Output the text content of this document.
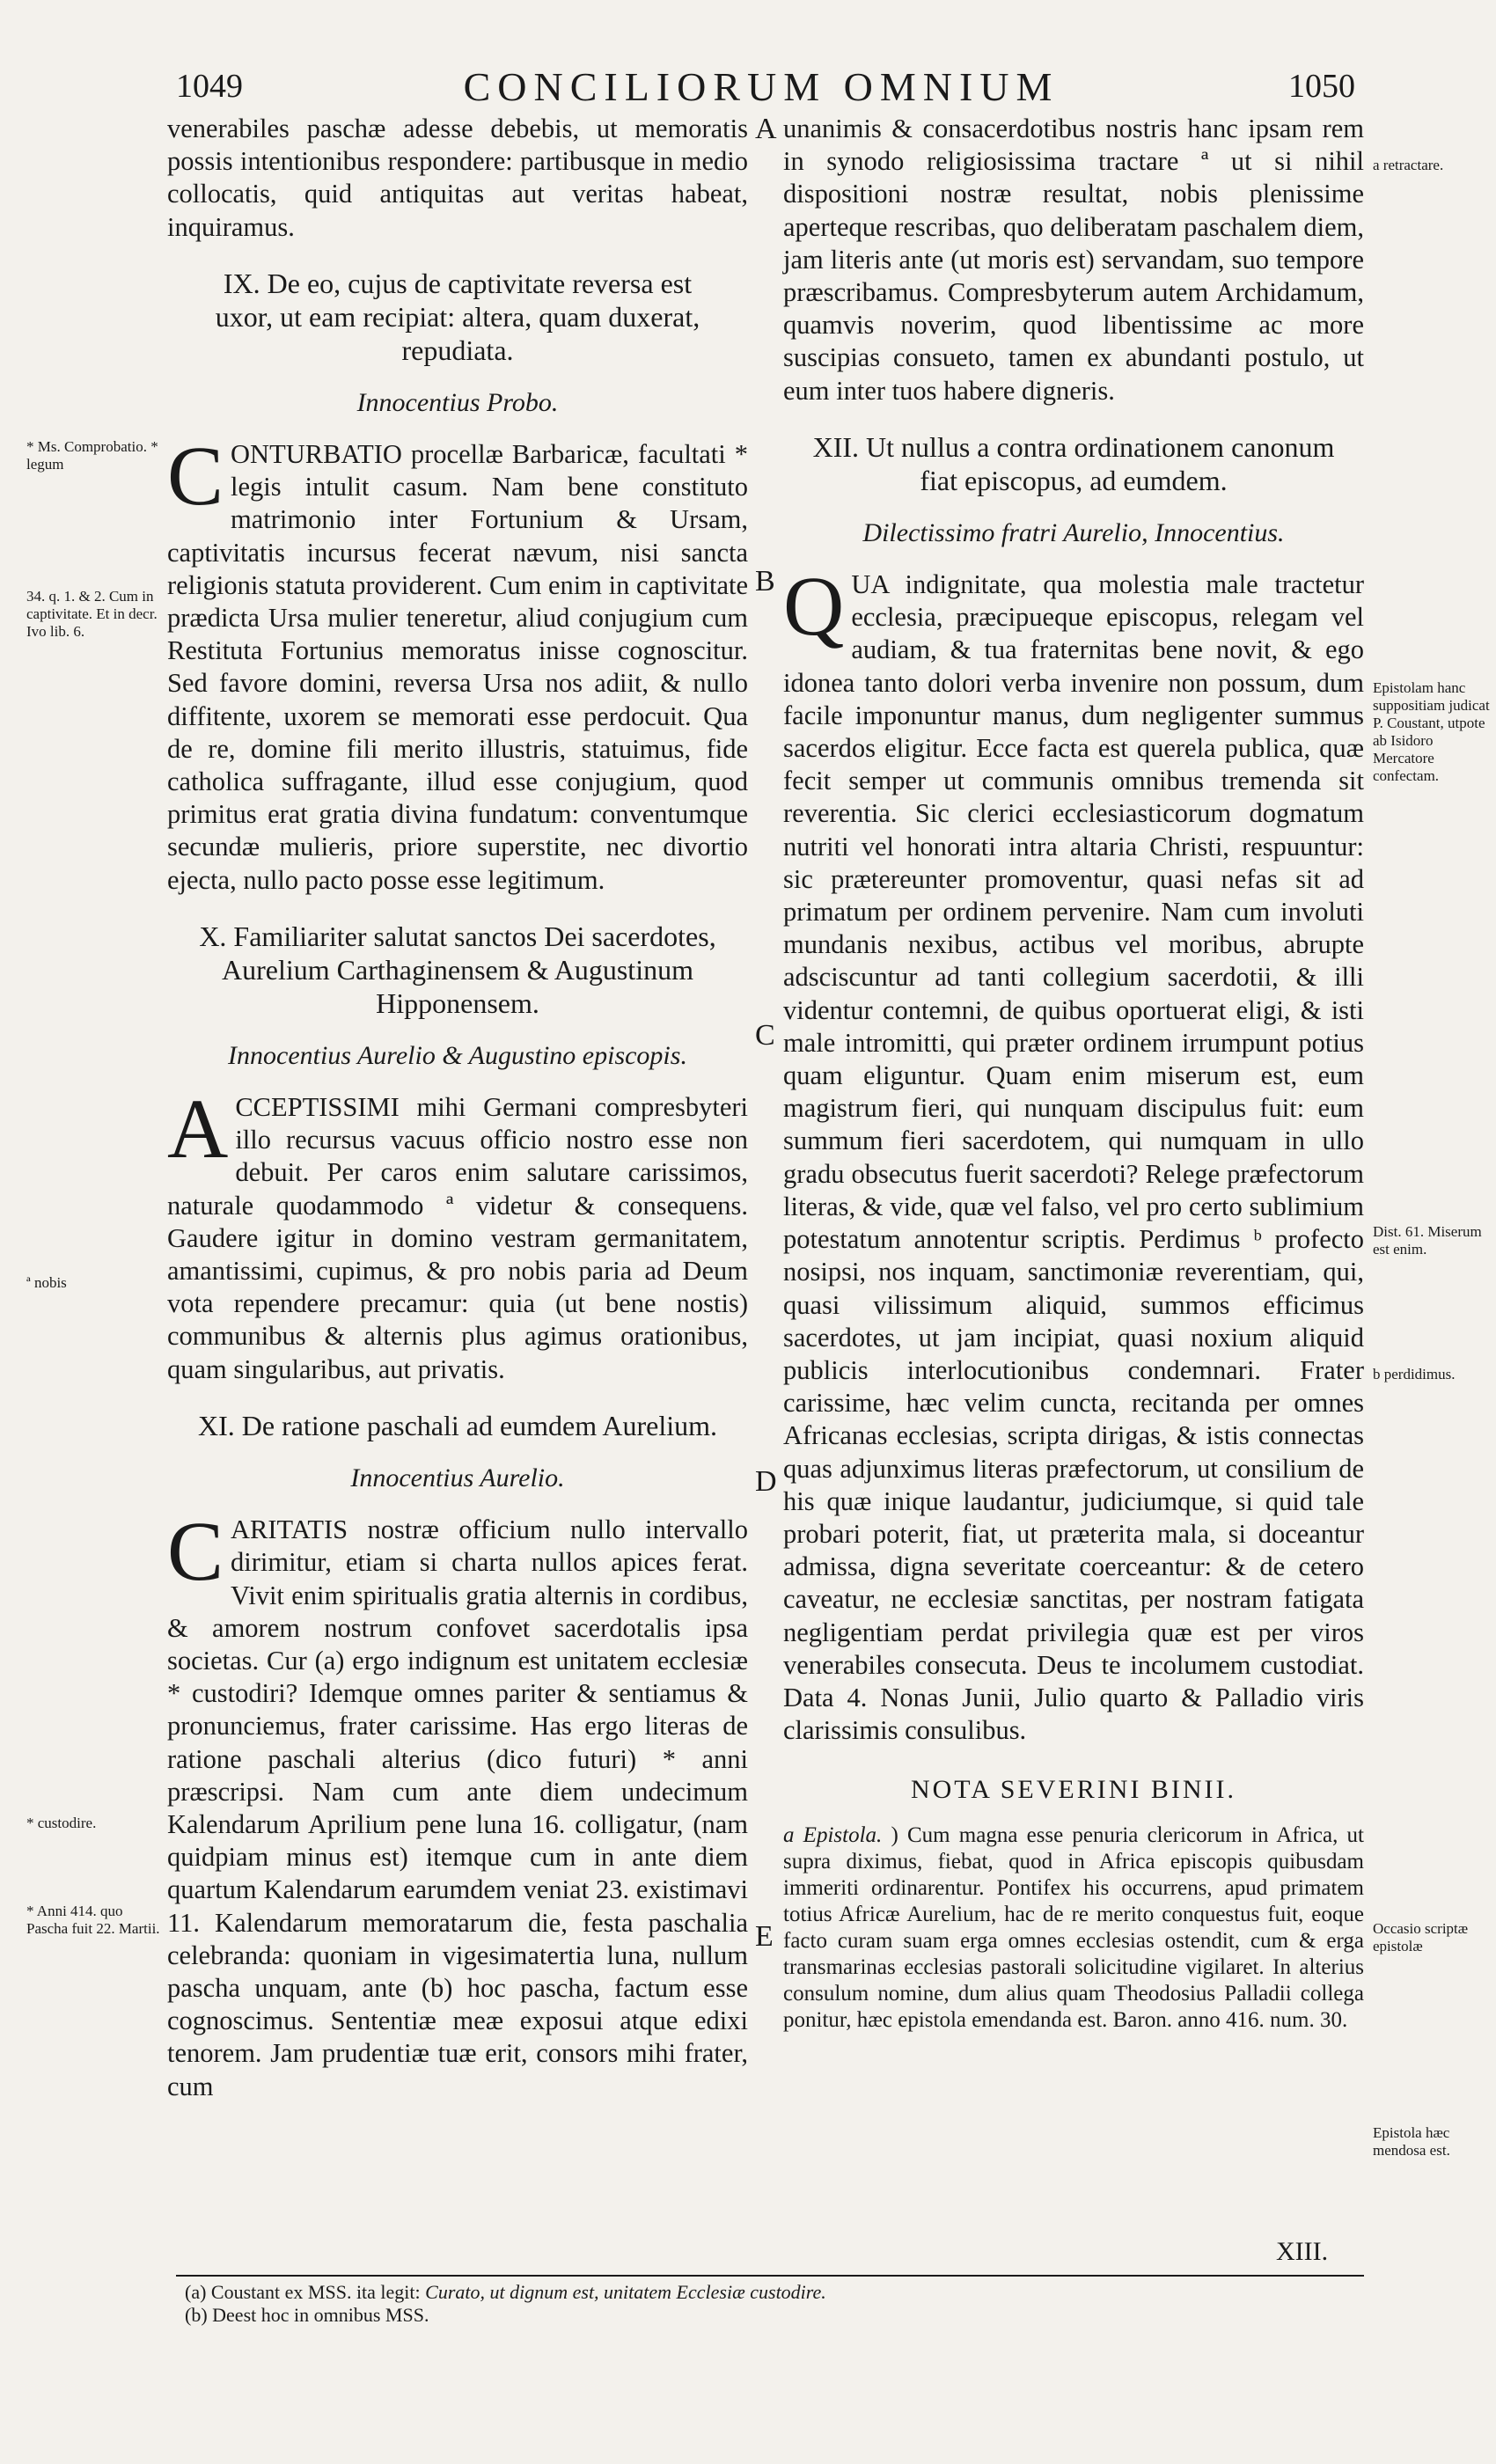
1049	CONCILIORUM OMNIUM	1050

venerabiles paschæ adesse debebis, ut memoratis possis intentionibus respondere: partibusque in medio collocatis, quid antiquitas aut veritas habeat, inquiramus.

IX. De eo, cujus de captivitate reversa est uxor, ut eam recipiat: altera, quam duxerat, repudiata.
Innocentius Probo.

C ONTURBATIO procellæ Barbaricæ, facultati * legis intulit casum. Nam bene constituto matrimonio inter Fortunium & Ursam, captivitatis incursus fecerat nævum, nisi sancta religionis statuta providerent. Cum enim in captivitate prædicta Ursa mulier teneretur, aliud conjugium cum Restituta Fortunius memoratus inisse cognoscitur. Sed favore domini, reversa Ursa nos adiit, & nullo diffitente, uxorem se memorati esse perdocuit. Qua de re, domine fili merito illustris, statuimus, fide catholica suffragante, illud esse conjugium, quod primitus erat gratia divina fundatum: conventumque secundæ mulieris, priore superstite, nec divortio ejecta, nullo pacto posse esse legitimum.

X. Familiariter salutat sanctos Dei sacerdotes, Aurelium Carthaginensem & Augustinum Hipponensem.
Innocentius Aurelio & Augustino episcopis.

A CCEPTISSIMI mihi Germani compresbyteri illo recursus vacuus officio nostro esse non debuit. Per caros enim salutare carissimos, naturale quodammodo ª videtur & consequens. Gaudere igitur in domino vestram germanitatem, amantissimi, cupimus, & pro nobis paria ad Deum vota rependere precamur: quia (ut bene nostis) communibus & alternis plus agimus orationibus, quam singularibus, aut privatis.

XI. De ratione paschali ad eumdem Aurelium.
Innocentius Aurelio.

C ARITATIS nostræ officium nullo intervallo dirimitur, etiam si charta nullos apices ferat. Vivit enim spiritualis gratia alternis in cordibus, & amorem nostrum confovet sacerdotalis ipsa societas. Cur (a) ergo indignum est unitatem ecclesiæ * custodiri? Idemque omnes pariter & sentiamus & pronunciemus, frater carissime. Has ergo literas de ratione paschali alterius (dico futuri) * anni præscripsi. Nam cum ante diem undecimum Kalendarum Aprilium pene luna 16. colligatur, (nam quidpiam minus est) itemque cum in ante diem quartum Kalendarum earumdem veniat 23. existimavi 11. Kalendarum memoratarum die, festa paschalia celebranda: quoniam in vigesimatertia luna, nullum pascha unquam, ante (b) hoc pascha, factum esse cognoscimus. Sententiæ meæ exposui atque edixi tenorem. Jam prudentiæ tuæ erit, consors mihi frater, cum

unanimis & consacerdotibus nostris hanc ipsam rem in synodo religiosissima tractare ª ut si nihil dispositioni nostræ resultat, nobis plenissime aperteque rescribas, quo deliberatam paschalem diem, jam literis ante (ut moris est) servandam, suo tempore præscribamus. Compresbyterum autem Archidamum, quamvis noverim, quod libentissime ac more suscipias consueto, tamen ex abundanti postulo, ut eum inter tuos habere digneris.

XII. Ut nullus a contra ordinationem canonum fiat episcopus, ad eumdem.
Dilectissimo fratri Aurelio, Innocentius.

Q UA indignitate, qua molestia male tractetur ecclesia, præcipueque episcopus, relegam vel audiam, & tua fraternitas bene novit, & ego idonea tanto dolori verba invenire non possum, dum facile imponuntur manus, dum negligenter summus sacerdos eligitur. Ecce facta est querela publica, quæ fecit semper ut communis omnibus tremenda sit reverentia. Sic clerici ecclesiasticorum dogmatum nutriti vel honorati intra altaria Christi, respuuntur: sic prætereunter promoventur, quasi nefas sit ad primatum per ordinem pervenire. Nam cum involuti mundanis nexibus, actibus vel moribus, abrupte adsciscuntur ad tanti collegium sacerdotii, & illi videntur contemni, de quibus oportuerat eligi, & isti male intromitti, qui præter ordinem irrumpunt potius quam eliguntur. Quam enim miserum est, eum magistrum fieri, qui nunquam discipulus fuit: eum summum fieri sacerdotem, qui numquam in ullo gradu obsecutus fuerit sacerdoti? Relege præfectorum literas, & vide, quæ vel falso, vel pro certo sublimium potestatum annotentur scriptis. Perdimus ᵇ profecto nosipsi, nos inquam, sanctimoniæ reverentiam, qui, quasi vilissimum aliquid, summos efficimus sacerdotes, ut jam incipiat, quasi noxium aliquid publicis interlocutionibus condemnari. Frater carissime, hæc velim cuncta, recitanda per omnes Africanas ecclesias, scripta dirigas, & istis connectas quas adjunximus literas præfectorum, ut consilium de his quæ inique laudantur, judiciumque, si quid tale probari poterit, fiat, ut præterita mala, si doceantur admissa, digna severitate coerceantur: & de cetero caveatur, ne ecclesiæ sanctitas, per nostram fatigata negligentiam perdat privilegia quæ est per viros venerabiles consecuta. Deus te incolumem custodiat. Data 4. Nonas Junii, Julio quarto & Palladio viris clarissimis consulibus.

NOTA SEVERINI BINII.

a Epistola. ) Cum magna esse penuria clericorum in Africa, ut supra diximus, fiebat, quod in Africa episcopis quibusdam immeriti ordinarentur. Pontifex his occurrens, apud primatem totius Africæ Aurelium, hac de re merito conquestus fuit, eoque facto curam suam erga omnes ecclesias ostendit, cum & erga transmarinas ecclesias pastorali solicitudine vigilaret. In alterius consulum nomine, dum alius quam Theodosius Palladii collega ponitur, hæc epistola emendanda est. Baron. anno 416. num. 30.

A
B
C
D
E
* Ms. Comprobatio. * legum
34. q. 1. & 2. Cum in captivitate. Et in decr. Ivo lib. 6.
ª nobis
* custodire.
* Anni 414. quo Pascha fuit 22. Martii.
a retractare.
Epistolam hanc suppositiam judicat P. Coustant, utpote ab Isidoro Mercatore confectam.
Dist. 61. Miserum est enim.
b perdidimus.
Occasio scriptæ epistolæ
Epistola hæc mendosa est.
XIII.
(a) Coustant ex MSS. ita legit: Curato, ut dignum est, unitatem Ecclesiæ custodire.
(b) Deest hoc in omnibus MSS.
